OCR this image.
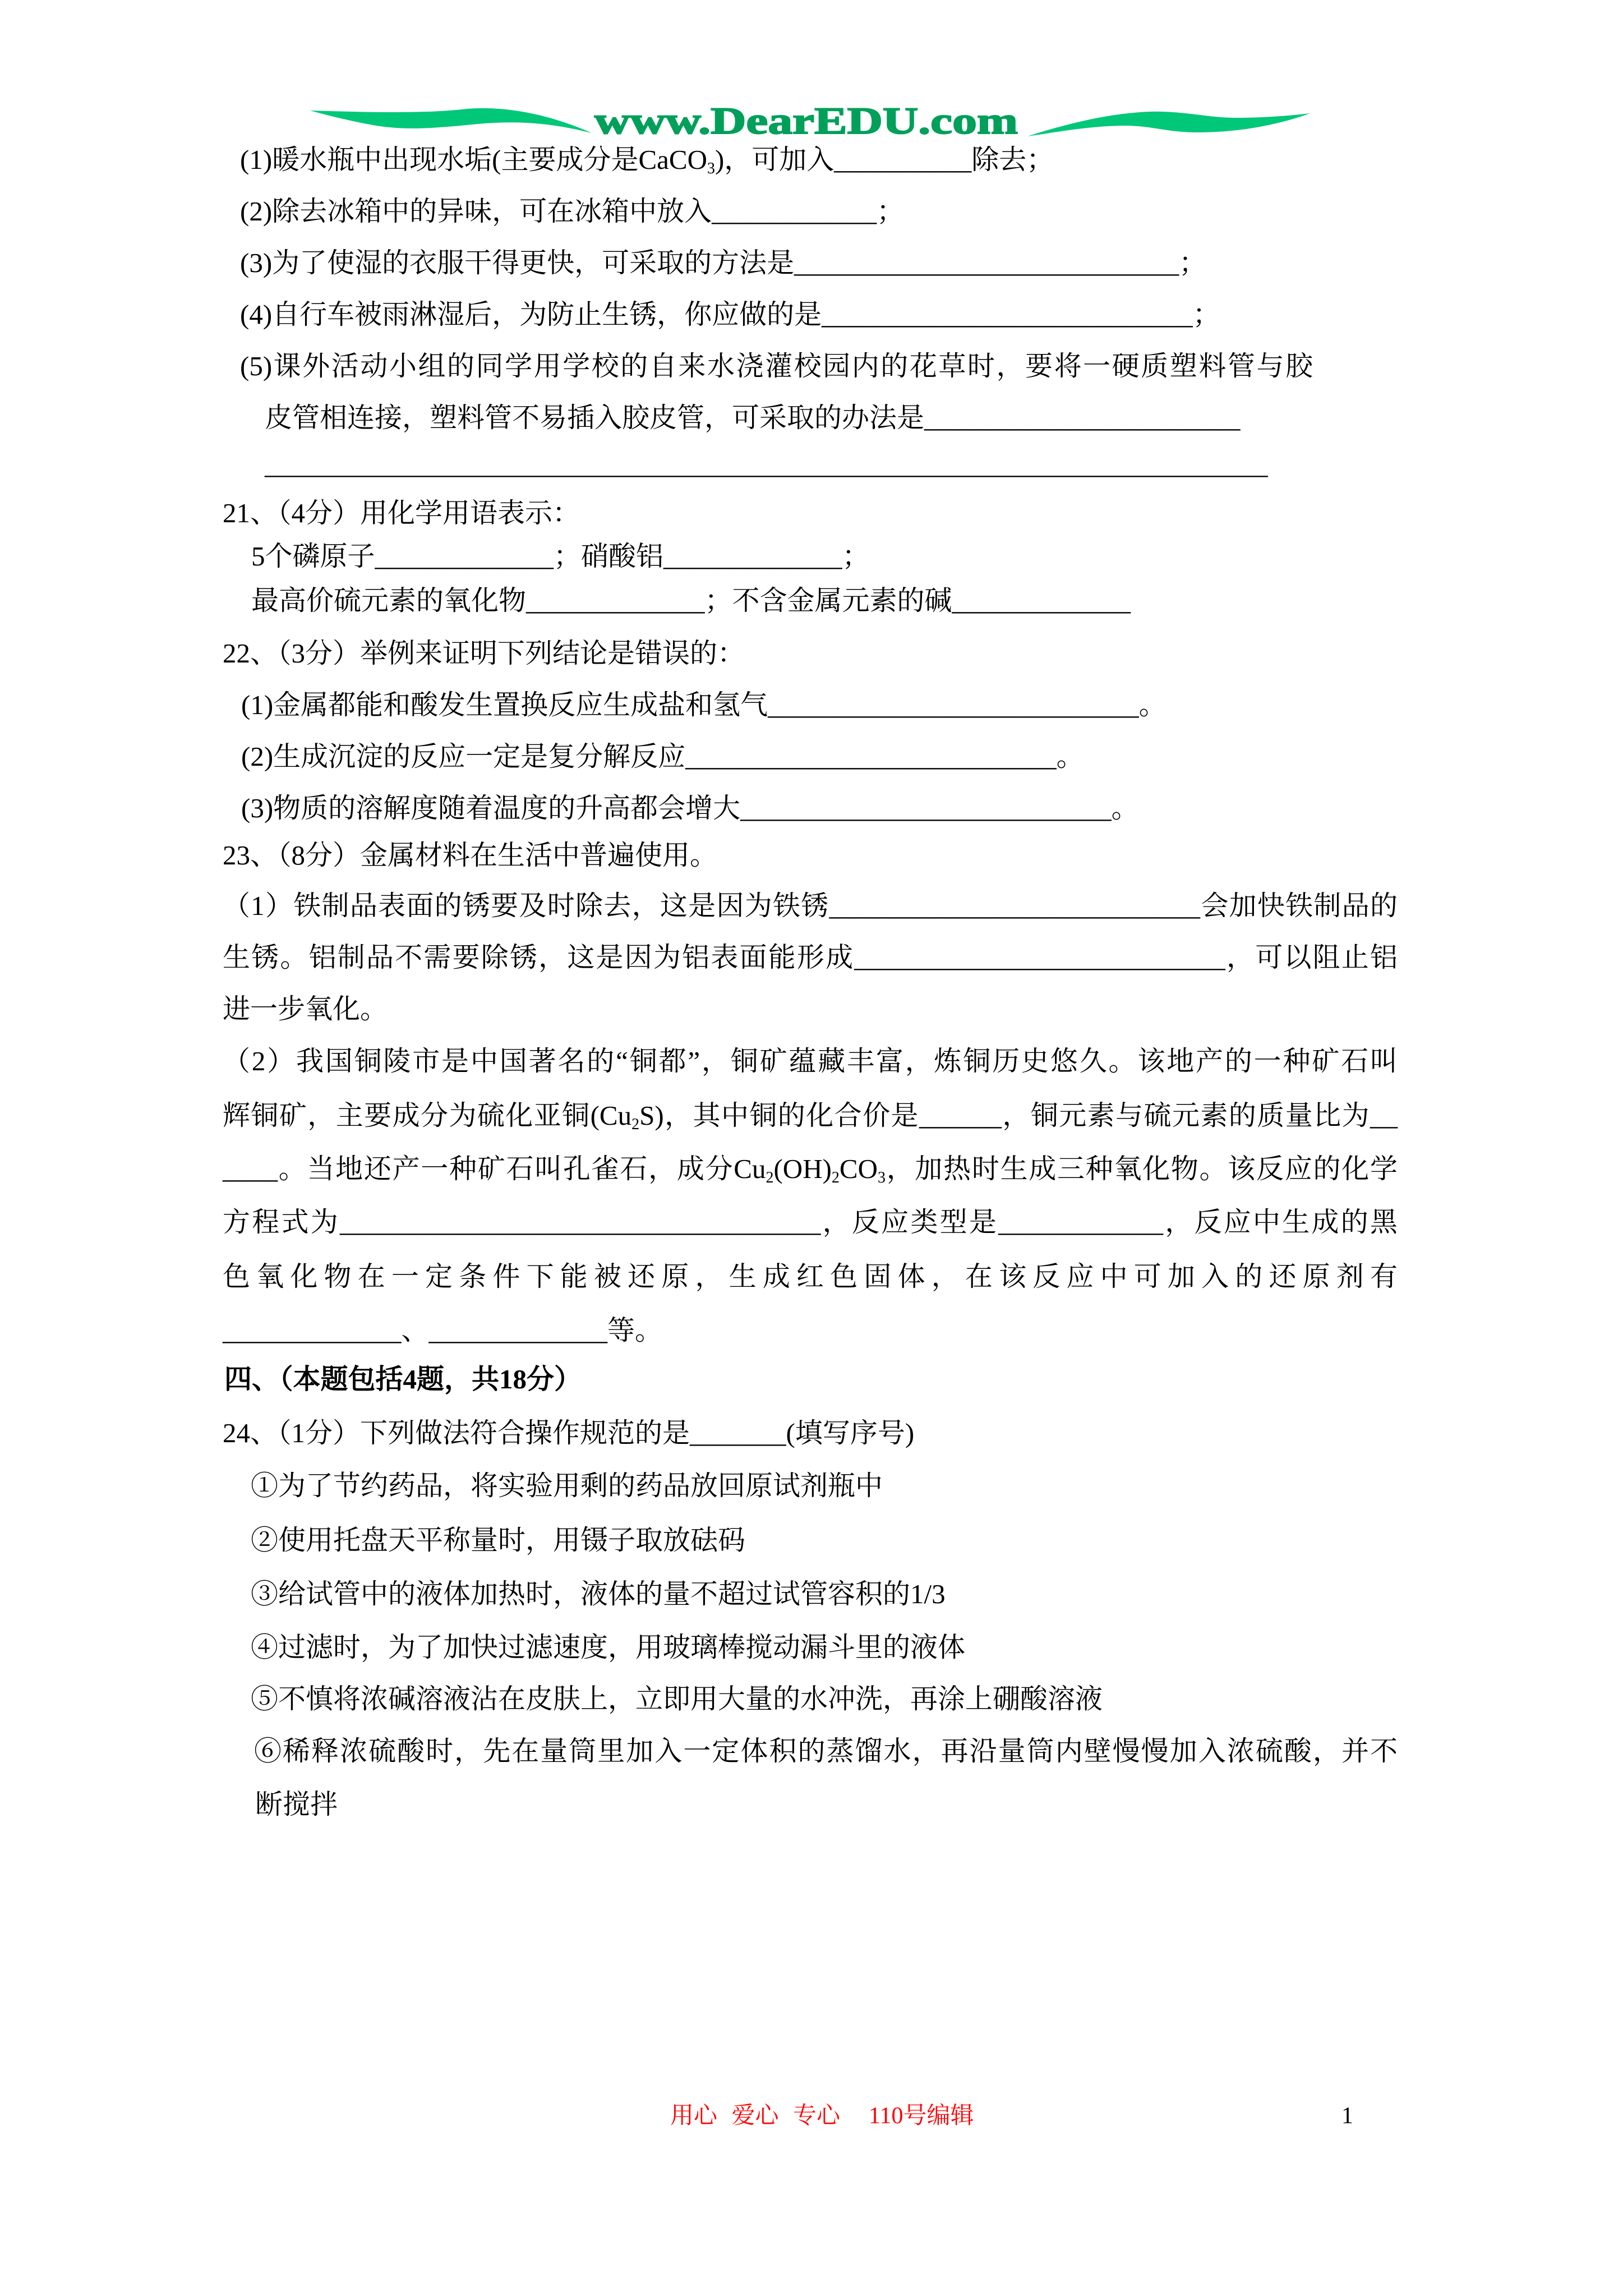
www.DearEDU.com
(1)暖水瓶中出现水垢(主要成分是CaCO$_3$)，可加入__________除去；
(2)除去冰箱中的异味，可在冰箱中放入____________；
(3)为了使湿的衣服干得更快，可采取的方法是____________________________；
(4)自行车被雨淋湿后，为防止生锈，你应做的是___________________________；
(5)课外活动小组的同学用学校的自来水浇灌校园内的花草时，要将一硬质塑料管与胶
皮管相连接，塑料管不易插入胶皮管，可采取的办法是_______________________
_________________________________________________________________________
21、（4分）用化学用语表示：
5个磷原子_____________；硝酸铝_____________；
最高价硫元素的氧化物_____________；不含金属元素的碱_____________
22、（3分）举例来证明下列结论是错误的：
(1)金属都能和酸发生置换反应生成盐和氢气___________________________。
(2)生成沉淀的反应一定是复分解反应___________________________。
(3)物质的溶解度随着温度的升高都会增大___________________________。
23、（8分）金属材料在生活中普遍使用。
（1）铁制品表面的锈要及时除去，这是因为铁锈___________________________会加快铁制品的
生锈。铝制品不需要除锈，这是因为铝表面能形成___________________________，可以阻止铝
进一步氧化。
（2）我国铜陵市是中国著名的“铜都”，铜矿蕴藏丰富，炼铜历史悠久。该地产的一种矿石叫
辉铜矿，主要成分为硫化亚铜$(Cu_2S)$，其中铜的化合价是______，铜元素与硫元素的质量比为__
____。当地还产一种矿石叫孔雀石，成分$Cu_2(OH)_2CO_3$，加热时生成三种氧化物。该反应的化学
方程式为___________________________________，反应类型是____________，反应中生成的黑
色氧化物在一定条件下能被还原，生成红色固体，在该反应中可加入的还原剂有
_____________、_____________等。
四、（本题包括4题，共18分）
24、（1分）下列做法符合操作规范的是_______(填写序号)
①为了节约药品，将实验用剩的药品放回原试剂瓶中
②使用托盘天平称量时，用镊子取放砝码
③给试管中的液体加热时，液体的量不超过试管容积的1/3
④过滤时，为了加快过滤速度，用玻璃棒搅动漏斗里的液体
⑤不慎将浓碱溶液沾在皮肤上，立即用大量的水冲洗，再涂上硼酸溶液
⑥稀释浓硫酸时，先在量筒里加入一定体积的蒸馏水，再沿量筒内壁慢慢加入浓硫酸，并不
断搅拌
用心 爱心 专心  110号编辑	1
